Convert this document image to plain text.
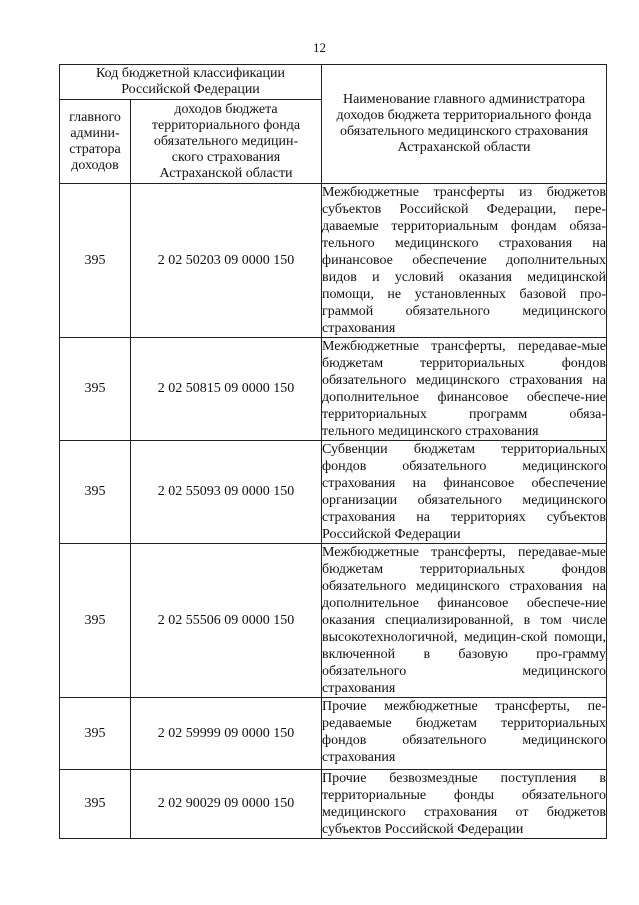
12
Код бюджетной классификации Российской Федерации		Наименование главного администратора доходов бюджета территориального фонда обязательного медицинского страхования Астраханской области
главного админи-стратора доходов	доходов бюджета территориального фонда обязательного медицин-ского страхования Астраханской области	
395	2 02 50203 09 0000 150	Межбюджетные трансферты из бюджетов субъектов Российской Федерации, пере-даваемые территориальным фондам обяза-тельного медицинского страхования на финансовое обеспечение дополнительных видов и условий оказания медицинской помощи, не установленных базовой про-граммой обязательного медицинского
страхования

395	2 02 50815 09 0000 150	Межбюджетные трансферты, передавае-мые бюджетам территориальных фондов обязательного медицинского страхования на дополнительное финансовое обеспече-ние территориальных программ обяза-
тельного медицинского страхования

395	2 02 55093 09 0000 150	Субвенции бюджетам территориальных фондов обязательного медицинского страхования на финансовое обеспечение организации обязательного медицинского страхования на территориях субъектов
Российской Федерации

395	2 02 55506 09 0000 150	Межбюджетные трансферты, передавае-мые бюджетам территориальных фондов обязательного медицинского страхования на дополнительное финансовое обеспече-ние оказания специализированной, в том числе высокотехнологичной, медицин-ской помощи, включенной в базовую про-грамму обязательного медицинского
страхования

395	2 02 59999 09 0000 150	Прочие межбюджетные трансферты, пе-редаваемые бюджетам территориальных фондов обязательного медицинского
страхования

395	2 02 90029 09 0000 150	Прочие безвозмездные поступления в территориальные фонды обязательного медицинского страхования от бюджетов
субъектов Российской Федерации
